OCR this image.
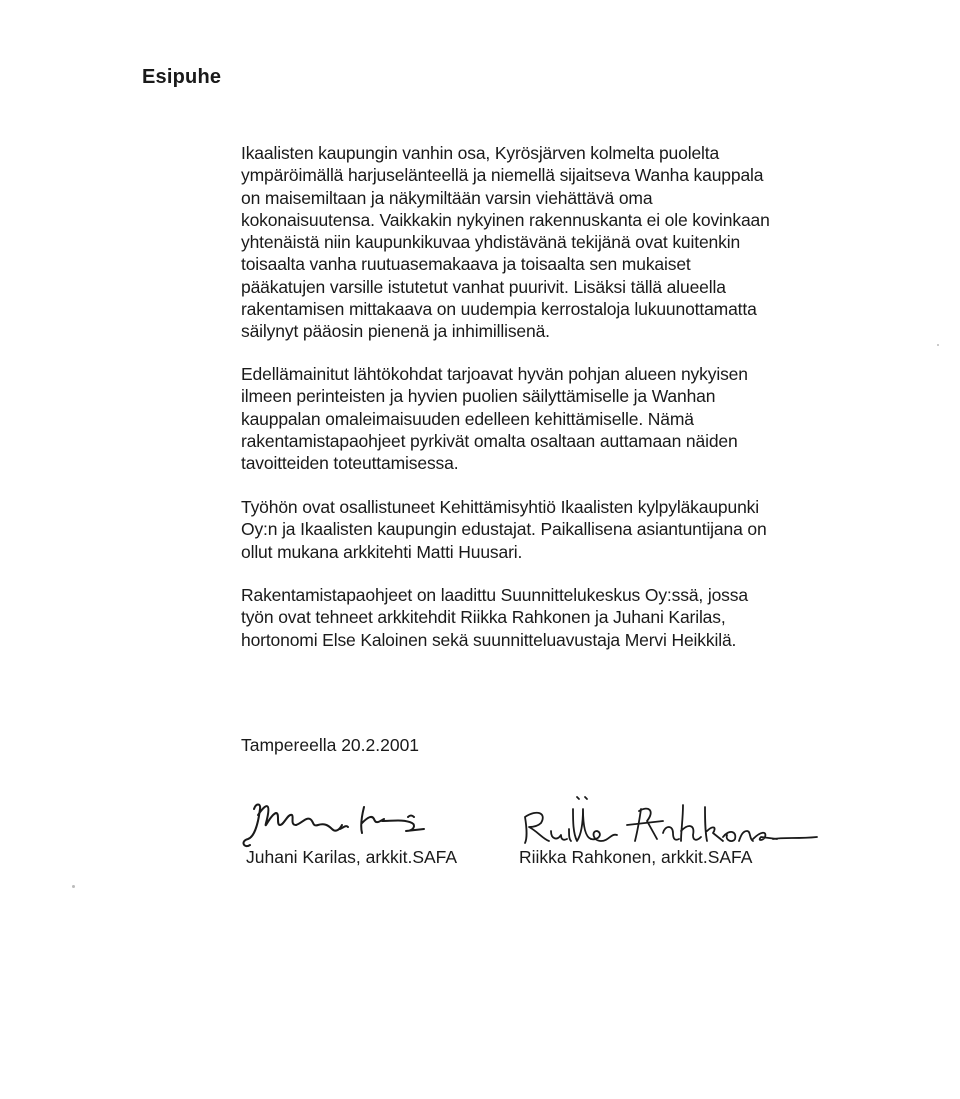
Esipuhe

Ikaalisten kaupungin vanhin osa, Kyrösjärven kolmelta puolelta
ympäröimällä harjuselänteellä ja niemellä sijaitseva Wanha kauppala
on maisemiltaan ja näkymiltään varsin viehättävä oma
kokonaisuutensa. Vaikkakin nykyinen rakennuskanta ei ole kovinkaan
yhtenäistä niin kaupunkikuvaa yhdistävänä tekijänä ovat kuitenkin
toisaalta vanha ruutuasemakaava ja toisaalta sen mukaiset
pääkatujen varsille istutetut vanhat puurivit. Lisäksi tällä alueella
rakentamisen mittakaava on uudempia kerrostaloja lukuunottamatta
säilynyt pääosin pienenä ja inhimillisenä.

Edellämainitut lähtökohdat tarjoavat hyvän pohjan alueen nykyisen
ilmeen perinteisten ja hyvien puolien säilyttämiselle ja Wanhan
kauppalan omaleimaisuuden edelleen kehittämiselle. Nämä
rakentamistapaohjeet pyrkivät omalta osaltaan auttamaan näiden
tavoitteiden toteuttamisessa.

Työhön ovat osallistuneet Kehittämisyhtiö Ikaalisten kylpyläkaupunki
Oy:n ja Ikaalisten kaupungin edustajat. Paikallisena asiantuntijana on
ollut mukana arkkitehti Matti Huusari.

Rakentamistapaohjeet on laadittu Suunnittelukeskus Oy:ssä, jossa
työn ovat tehneet arkkitehdit Riikka Rahkonen ja Juhani Karilas,
hortonomi Else Kaloinen sekä suunnitteluavustaja Mervi Heikkilä.

Tampereella 20.2.2001
Juhani Karilas, arkkit.SAFA	Riikka Rahkonen, arkkit.SAFA
